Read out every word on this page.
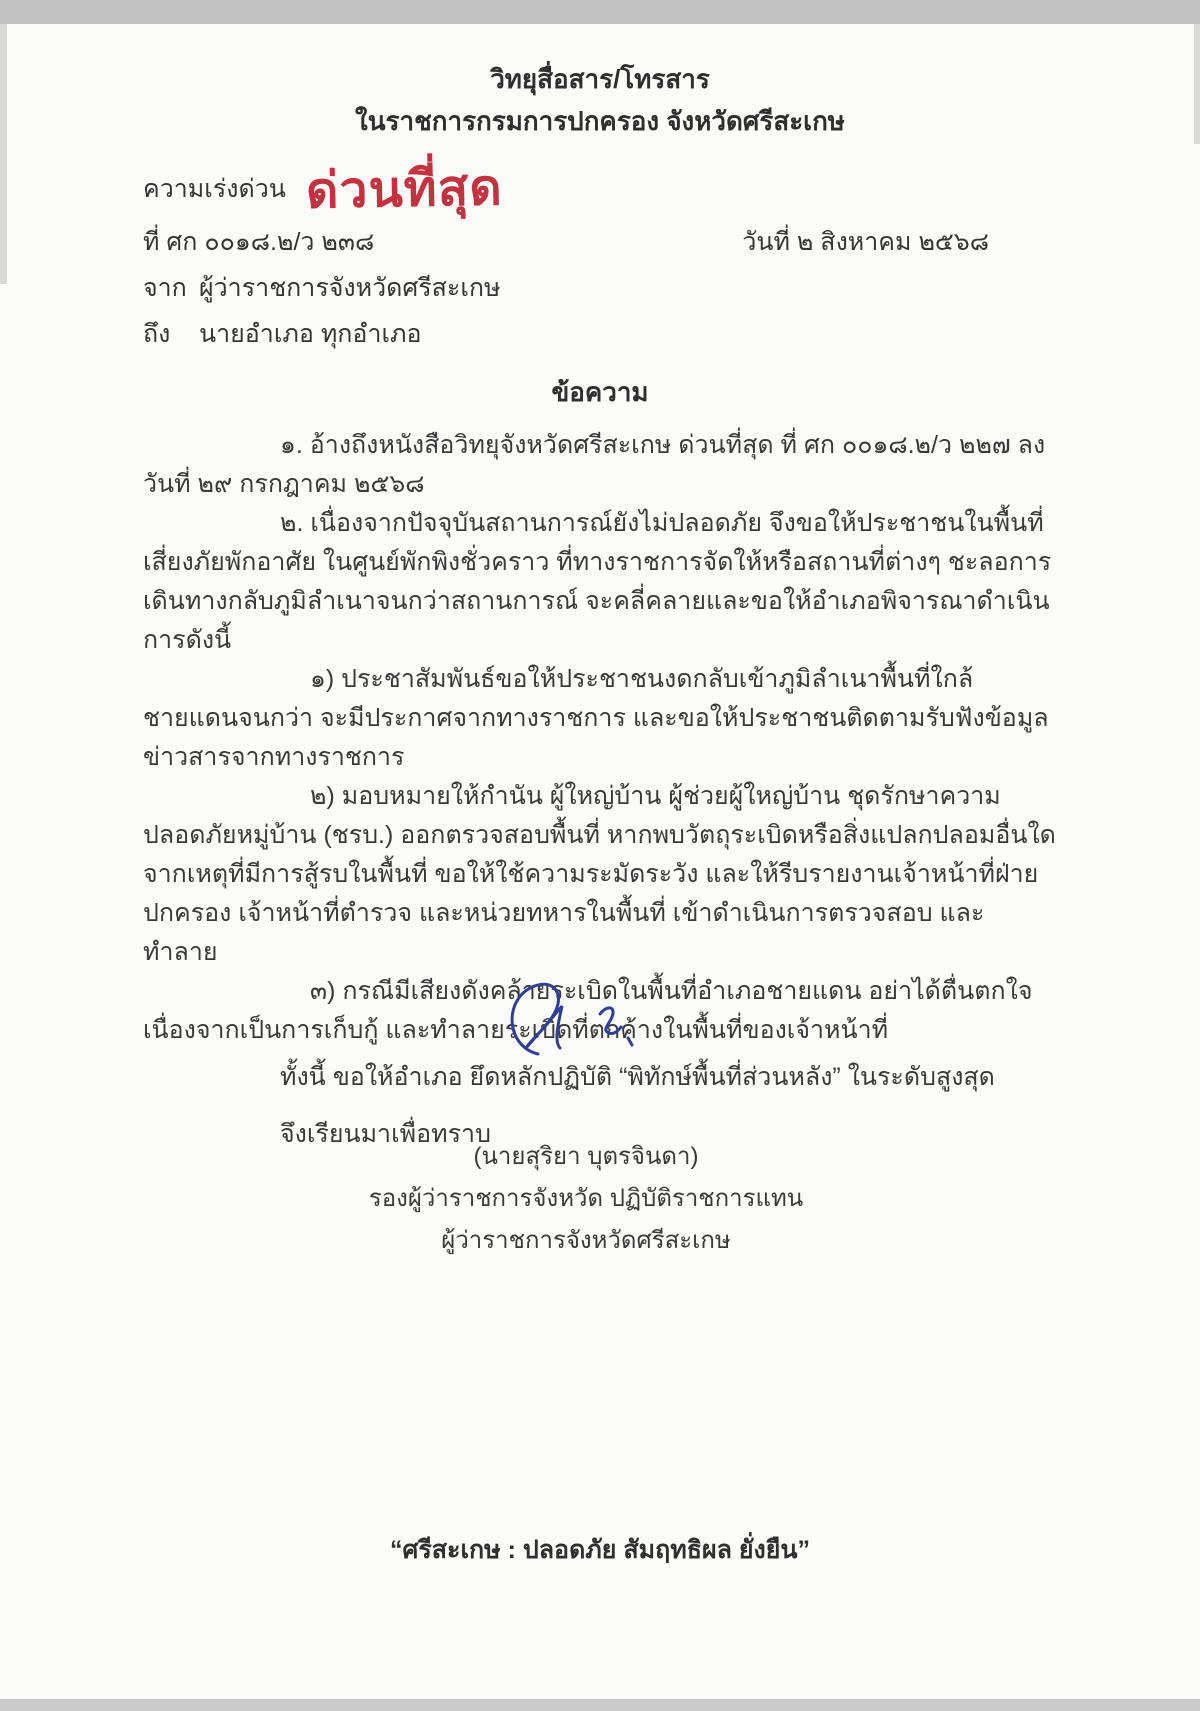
วิทยุสื่อสาร/โทรสาร
ในราชการกรมการปกครอง จังหวัดศรีสะเกษ
ความเร่งด่วน ด่วนที่สุด
ที่ ศก ๐๐๑๘.๒/ว ๒๓๘	วันที่ ๒ สิงหาคม ๒๕๖๘
จาก ผู้ว่าราชการจังหวัดศรีสะเกษ
ถึง	นายอำเภอ ทุกอำเภอ
ข้อความ

๑. อ้างถึงหนังสือวิทยุจังหวัดศรีสะเกษ ด่วนที่สุด ที่ ศก ๐๐๑๘.๒/ว ๒๒๗ ลงวันที่ ๒๙ กรกฎาคม ๒๕๖๘

๒. เนื่องจากปัจจุบันสถานการณ์ยังไม่ปลอดภัย จึงขอให้ประชาชนในพื้นที่เสี่ยงภัยพักอาศัย ในศูนย์พักพิงชั่วคราว ที่ทางราชการจัดให้หรือสถานที่ต่างๆ ชะลอการเดินทางกลับภูมิลำเนาจนกว่าสถานการณ์ จะคลี่คลายและขอให้อำเภอพิจารณาดำเนินการดังนี้

๑) ประชาสัมพันธ์ขอให้ประชาชนงดกลับเข้าภูมิลำเนาพื้นที่ใกล้ชายแดนจนกว่า จะมีประกาศจากทางราชการ และขอให้ประชาชนติดตามรับฟังข้อมูลข่าวสารจากทางราชการ

๒) มอบหมายให้กำนัน ผู้ใหญ่บ้าน ผู้ช่วยผู้ใหญ่บ้าน ชุดรักษาความปลอดภัยหมู่บ้าน (ชรบ.) ออกตรวจสอบพื้นที่ หากพบวัตถุระเบิดหรือสิ่งแปลกปลอมอื่นใด จากเหตุที่มีการสู้รบในพื้นที่ ขอให้ใช้ความระมัดระวัง และให้รีบรายงานเจ้าหน้าที่ฝ่ายปกครอง เจ้าหน้าที่ตำรวจ และหน่วยทหารในพื้นที่ เข้าดำเนินการตรวจสอบ และทำลาย

๓) กรณีมีเสียงดังคล้ายระเบิดในพื้นที่อำเภอชายแดน อย่าได้ตื่นตกใจเนื่องจากเป็นการเก็บกู้ และทำลายระเบิดที่ตกค้างในพื้นที่ของเจ้าหน้าที่

ทั้งนี้ ขอให้อำเภอ ยึดหลักปฏิบัติ “พิทักษ์พื้นที่ส่วนหลัง” ในระดับสูงสุด

จึงเรียนมาเพื่อทราบ

(นายสุริยา บุตรจินดา)
รองผู้ว่าราชการจังหวัด ปฏิบัติราชการแทน
ผู้ว่าราชการจังหวัดศรีสะเกษ
“ศรีสะเกษ : ปลอดภัย สัมฤทธิผล ยั่งยืน”
